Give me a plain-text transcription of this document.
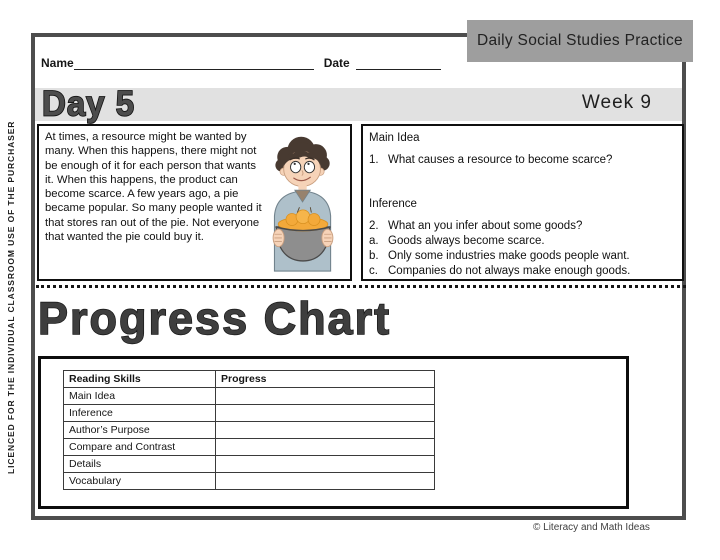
LICENCED FOR THE INDIVIDUAL CLASSROOM USE OF THE PURCHASER
Daily Social Studies Practice
Name	Date
Day 5	Week 9
At times, a resource might be wanted by many. When this happens, there might not be enough of it for each person that wants it. When this happens, the product can become scarce. A few years ago, a pie became popular. So many people wanted it that stores ran out of the pie. Not everyone that wanted the pie could buy it.
Main Idea
1. What causes a resource to become scarce?
Inference
2. What an you infer about some goods?
a. Goods always become scarce.
b. Only some industries make goods people want.
c. Companies do not always make enough goods.
Progress Chart
Reading Skills	Progress
Main Idea	
Inference	
Author’s Purpose	
Compare and Contrast	
Details	
Vocabulary	
© Literacy and Math Ideas
